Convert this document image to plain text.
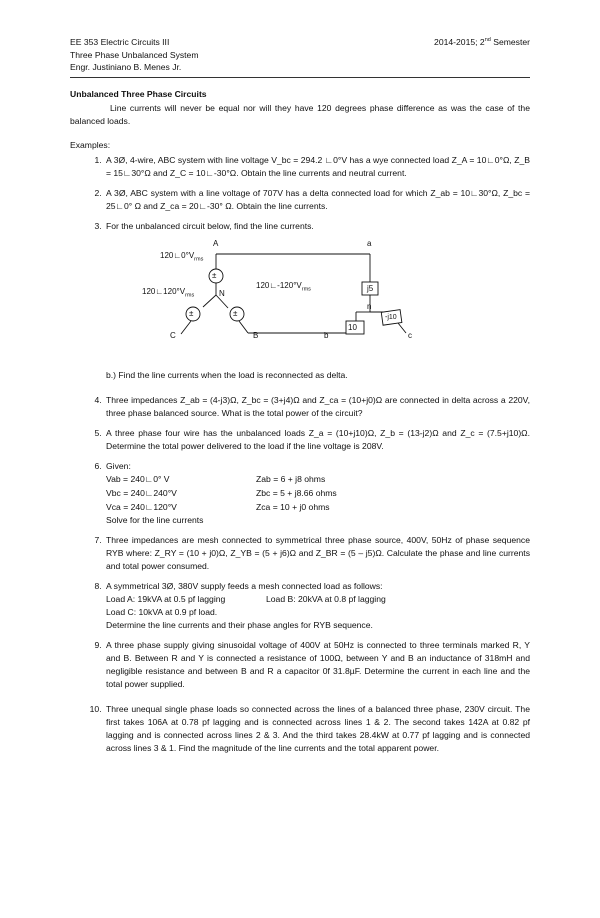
EE 353 Electric Circuits III
Three Phase Unbalanced System
Engr. Justiniano B. Menes Jr.
2014-2015; 2nd Semester
Unbalanced Three Phase Circuits
Line currents will never be equal nor will they have 120 degrees phase difference as was the case of the balanced loads.
Examples:
1. A 3Ø, 4-wire, ABC system with line voltage V_bc = 294.2 ∟0°V has a wye connected load Z_A = 10∟0°Ω, Z_B = 15∟30°Ω and Z_C = 10∟-30°Ω. Obtain the line currents and neutral current.
2. A 3Ø, ABC system with a line voltage of 707V has a delta connected load for which Z_ab = 10∟30°Ω, Z_bc = 25∟0° Ω and Z_ca = 20∟-30° Ω. Obtain the line currents.
3. For the unbalanced circuit below, find the line currents.
A	a
$120∟0^\circ V_{rms}$
±
±	±
$120∟-120^\circ V_{rms}$
$120∟120^\circ V_{rms}$	N
n
j5
10
-j10
C	B	b	c
b.) Find the line currents when the load is reconnected as delta.
4. Three impedances Z_ab = (4-j3)Ω, Z_bc = (3+j4)Ω and Z_ca = (10+j0)Ω are connected in delta across a 220V, three phase balanced source. What is the total power of the circuit?
5. A three phase four wire has the unbalanced loads Z_a = (10+j10)Ω, Z_b = (13-j2)Ω and Z_c = (7.5+j10)Ω. Determine the total power delivered to the load if the line voltage is 208V.
6. Given:
Vab = 240∟0° V	Zab = 6 + j8 ohms
Vbc = 240∟240°V	Zbc = 5 + j8.66 ohms
Vca = 240∟120°V	Zca = 10 + j0 ohms
Solve for the line currents
7. Three impedances are mesh connected to symmetrical three phase source, 400V, 50Hz of phase sequence RYB where: Z_RY = (10 + j0)Ω, Z_YB = (5 + j6)Ω and Z_BR = (5 – j5)Ω. Calculate the phase and line currents and total power consumed.
8. A symmetrical 3Ø, 380V supply feeds a mesh connected load as follows:
Load A: 19kVA at 0.5 pf lagging	Load B: 20kVA at 0.8 pf lagging
Load C: 10kVA at 0.9 pf load.
Determine the line currents and their phase angles for RYB sequence.
9. A three phase supply giving sinusoidal voltage of 400V at 50Hz is connected to three terminals marked R, Y and B. Between R and Y is connected a resistance of 100Ω, between Y and B an inductance of 318mH and negligible resistance and between B and R a capacitor 0f 31.8µF. Determine the current in each line and the total power supplied.
10. Three unequal single phase loads so connected across the lines of a balanced three phase, 230V circuit. The first takes 106A at 0.78 pf lagging and is connected across lines 1 & 2. The second takes 142A at 0.82 pf lagging and is connected across lines 2 & 3. And the third takes 28.4kW at 0.77 pf lagging and is connected across lines 3 & 1. Find the magnitude of the line currents and the total apparent power.
